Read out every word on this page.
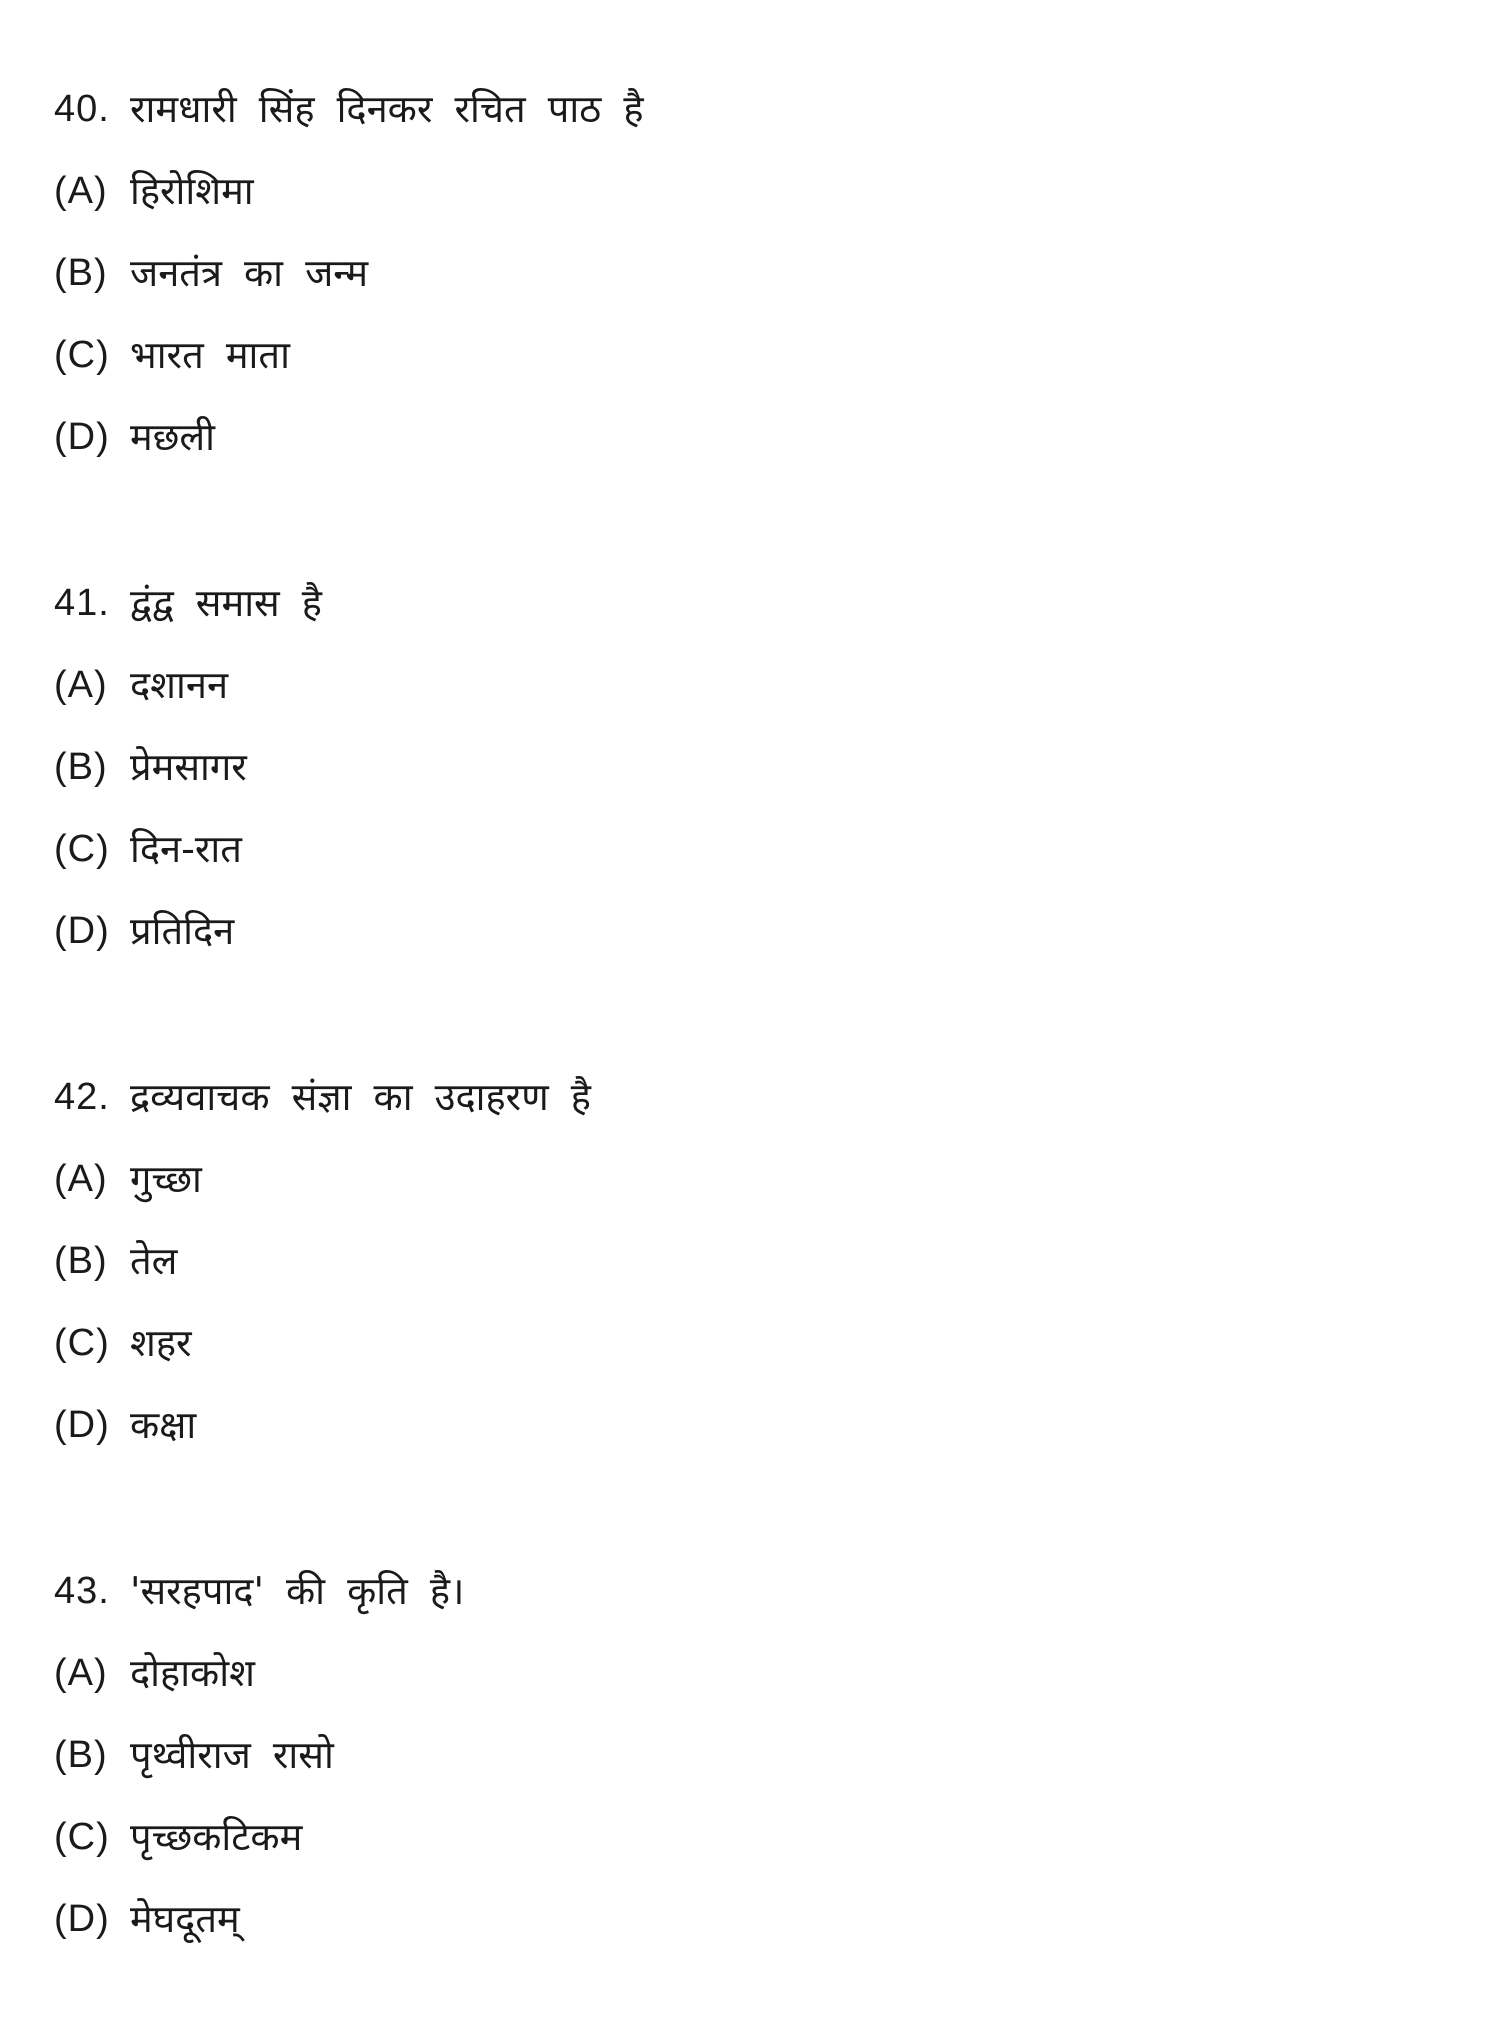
40. रामधारी सिंह दिनकर रचित पाठ है
(A) हिरोशिमा
(B) जनतंत्र का जन्म
(C) भारत माता
(D) मछली
41. द्वंद्व समास है
(A) दशानन
(B) प्रेमसागर
(C) दिन-रात
(D) प्रतिदिन
42. द्रव्यवाचक संज्ञा का उदाहरण है
(A) गुच्छा
(B) तेल
(C) शहर
(D) कक्षा
43. 'सरहपाद' की कृति है।
(A) दोहाकोश
(B) पृथ्वीराज रासो
(C) पृच्छकटिकम
(D) मेघदूतम्
